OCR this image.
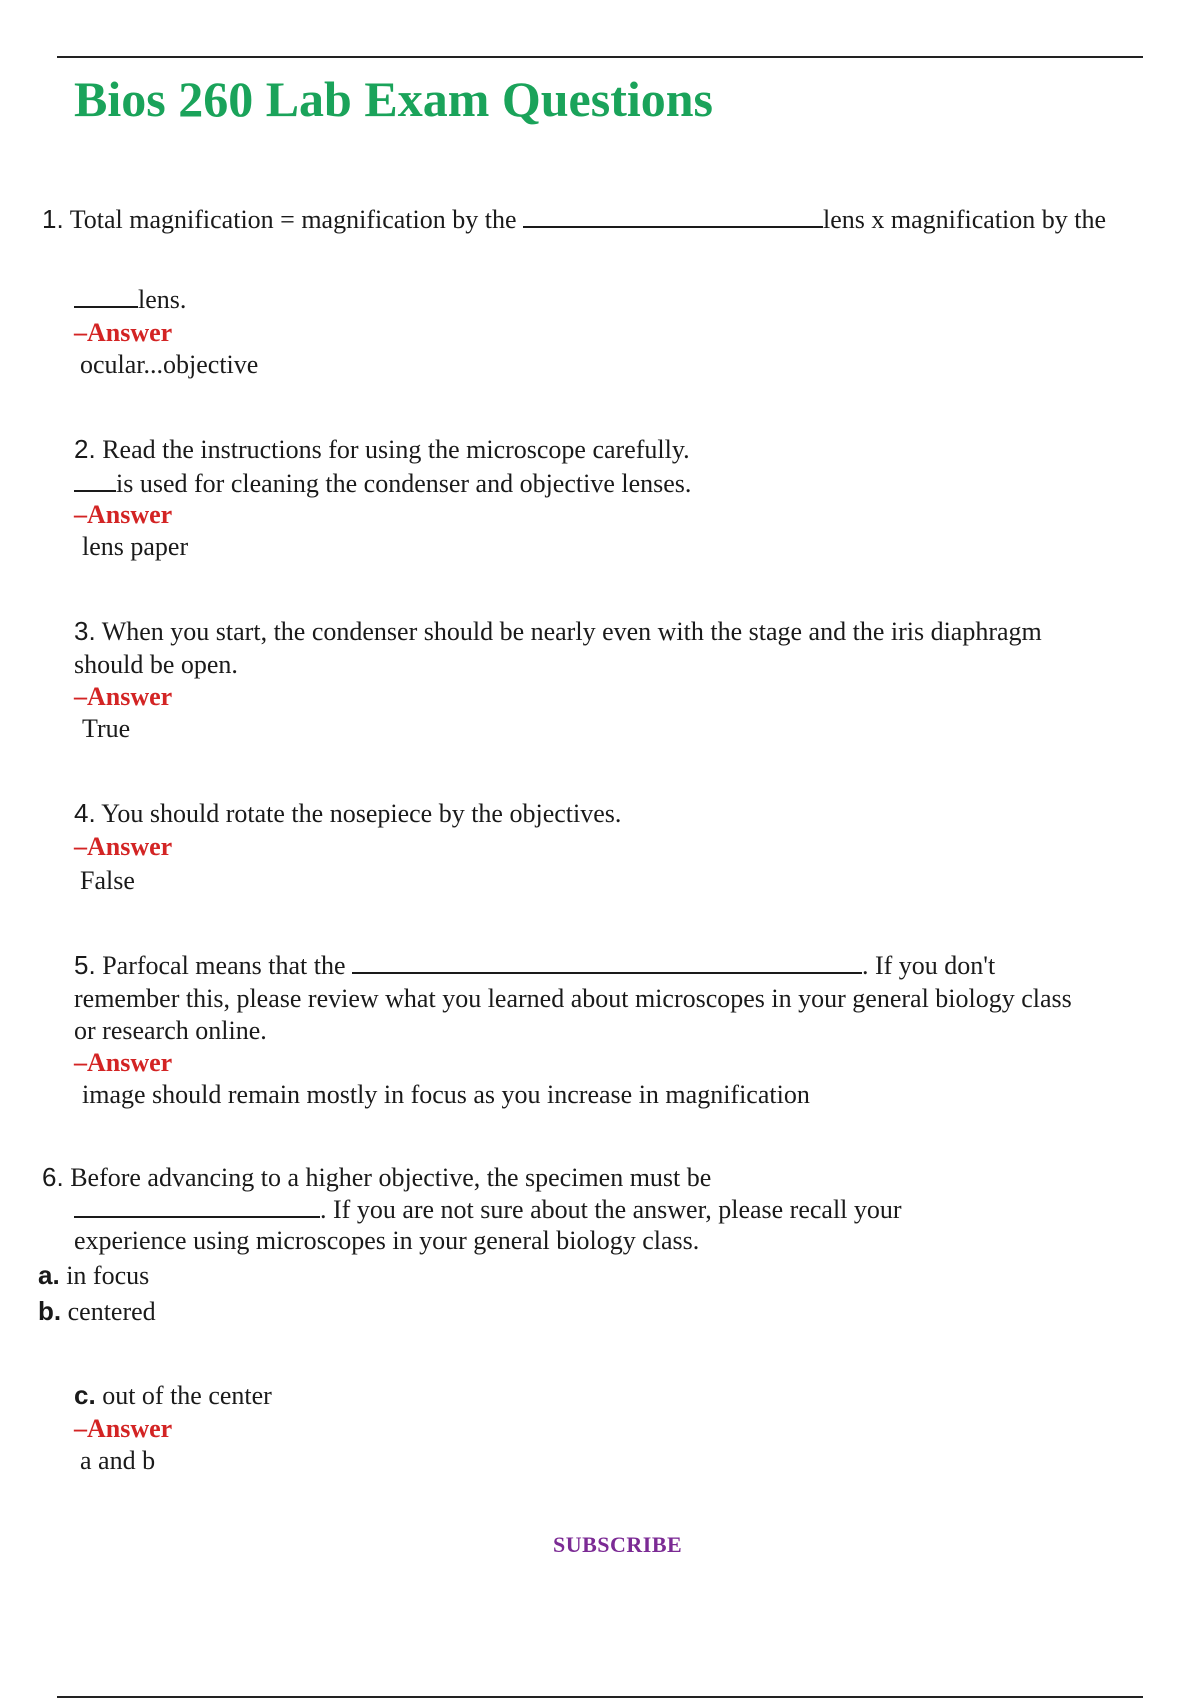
Bios 260 Lab Exam Questions
1. Total magnification = magnification by the	lens x magnification by the
lens.
–Answer
ocular...objective
2. Read the instructions for using the microscope carefully.
is used for cleaning the condenser and objective lenses.
–Answer
lens paper
3. When you start, the condenser should be nearly even with the stage and the iris diaphragm
should be open.
–Answer
True
4. You should rotate the nosepiece by the objectives.
–Answer
False
5. Parfocal means that the	. If you don't
remember this, please review what you learned about microscopes in your general biology class
or research online.
–Answer
image should remain mostly in focus as you increase in magnification
6. Before advancing to a higher objective, the specimen must be
. If you are not sure about the answer, please recall your
experience using microscopes in your general biology class.
a. in focus
b. centered
c. out of the center
–Answer
a and b
SUBSCRIBE
